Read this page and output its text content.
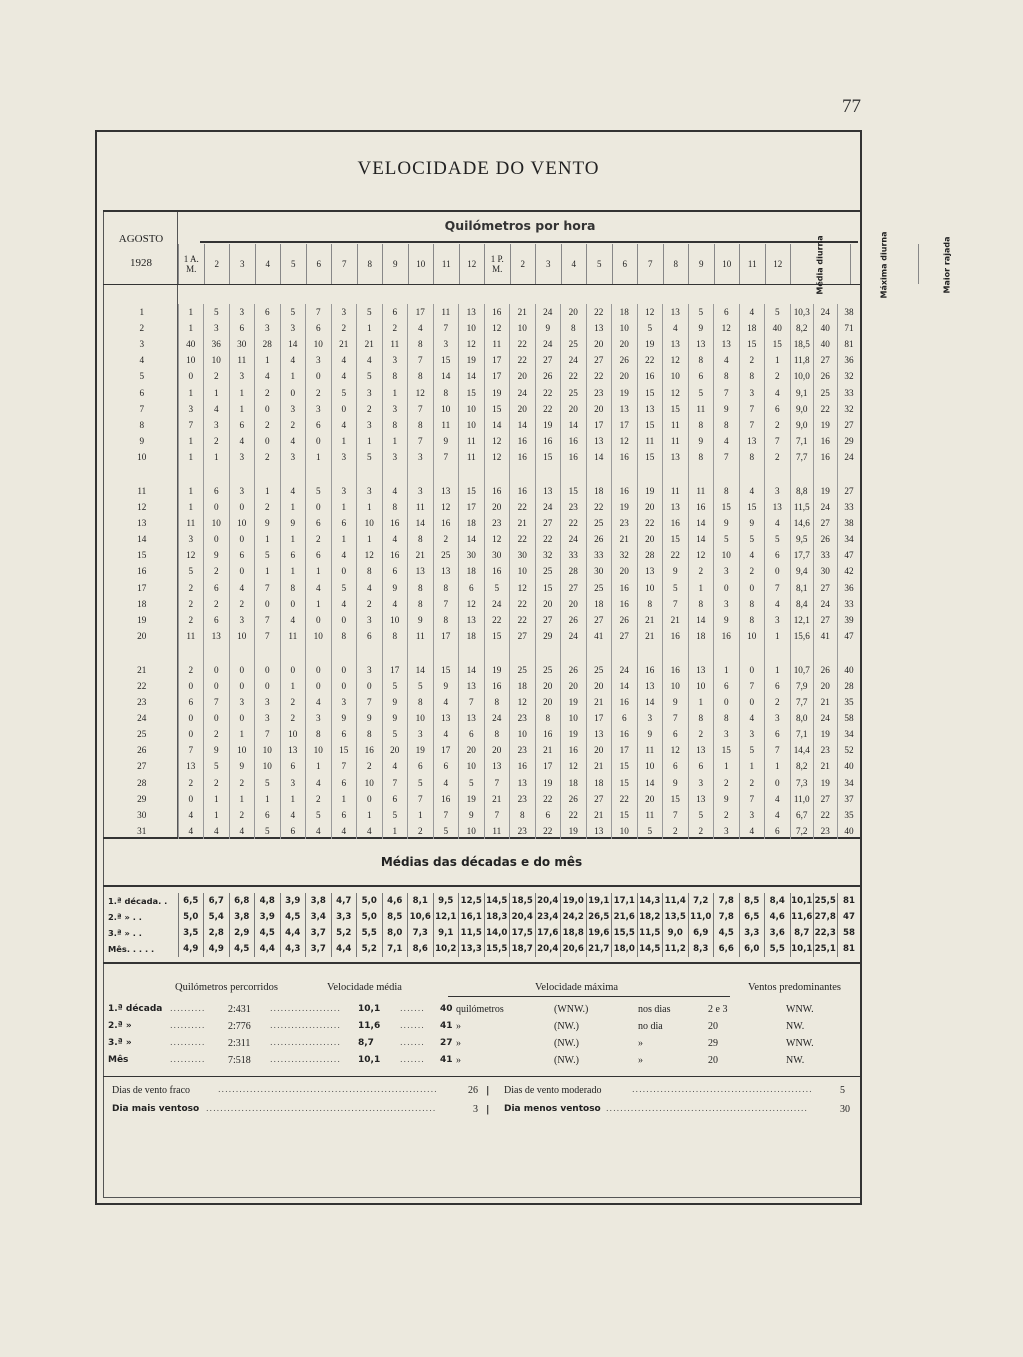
77
VELOCIDADE DO VENTO
AGOSTO
1928
Quilómetros por hora
1 A. M.	2	3	4	5	6	7	8	9	10	11	12	1 P. M.	2	3	4	5	6	7	8	9	10	11	12	Média diurna	Máxima diurna	Maior rajada
1	1	5	3	6	5	7	3	5	6	17	11	13	16	21	24	20	22	18	12	13	5	6	4	5	10,3	24	38
2	1	3	6	3	3	6	2	1	2	4	7	10	12	10	9	8	13	10	5	4	9	12	18	40	8,2	40	71
3	40	36	30	28	14	10	21	21	11	8	3	12	11	22	24	25	20	20	19	13	13	13	15	15	18,5	40	81
4	10	10	11	1	4	3	4	4	3	7	15	19	17	22	27	24	27	26	22	12	8	4	2	1	11,8	27	36
5	0	2	3	4	1	0	4	5	8	8	14	14	17	20	26	22	22	20	16	10	6	8	8	2	10,0	26	32
6	1	1	1	2	0	2	5	3	1	12	8	15	19	24	22	25	23	19	15	12	5	7	3	4	9,1	25	33
7	3	4	1	0	3	3	0	2	3	7	10	10	15	20	22	20	20	13	13	15	11	9	7	6	9,0	22	32
8	7	3	6	2	2	6	4	3	8	8	11	10	14	14	19	14	17	17	15	11	8	8	7	2	9,0	19	27
9	1	2	4	0	4	0	1	1	1	7	9	11	12	16	16	16	13	12	11	11	9	4	13	7	7,1	16	29
10	1	1	3	2	3	1	3	5	3	3	7	11	12	16	15	16	14	16	15	13	8	7	8	2	7,7	16	24

11	1	6	3	1	4	5	3	3	4	3	13	15	16	16	13	15	18	16	19	11	11	8	4	3	8,8	19	27
12	1	0	0	2	1	0	1	1	8	11	12	17	20	22	24	23	22	19	20	13	16	15	15	13	11,5	24	33
13	11	10	10	9	9	6	6	10	16	14	16	18	23	21	27	22	25	23	22	16	14	9	9	4	14,6	27	38
14	3	0	0	1	1	2	1	1	4	8	2	14	12	22	22	24	26	21	20	15	14	5	5	5	9,5	26	34
15	12	9	6	5	6	6	4	12	16	21	25	30	30	30	32	33	33	32	28	22	12	10	4	6	17,7	33	47
16	5	2	0	1	1	1	0	8	6	13	13	18	16	10	25	28	30	20	13	9	2	3	2	0	9,4	30	42
17	2	6	4	7	8	4	5	4	9	8	8	6	5	12	15	27	25	16	10	5	1	0	0	7	8,1	27	36
18	2	2	2	0	0	1	4	2	4	8	7	12	24	22	20	20	18	16	8	7	8	3	8	4	8,4	24	33
19	2	6	3	7	4	0	0	3	10	9	8	13	22	22	27	26	27	26	21	21	14	9	8	3	12,1	27	39
20	11	13	10	7	11	10	8	6	8	11	17	18	15	27	29	24	41	27	21	16	18	16	10	1	15,6	41	47

21	2	0	0	0	0	0	0	3	17	14	15	14	19	25	25	26	25	24	16	16	13	1	0	1	10,7	26	40
22	0	0	0	0	1	0	0	0	5	5	9	13	16	18	20	20	20	14	13	10	10	6	7	6	7,9	20	28
23	6	7	3	3	2	4	3	7	9	8	4	7	8	12	20	19	21	16	14	9	1	0	0	2	7,7	21	35
24	0	0	0	3	2	3	9	9	9	10	13	13	24	23	8	10	17	6	3	7	8	8	4	3	8,0	24	58
25	0	2	1	7	10	8	6	8	5	3	4	6	8	10	16	19	13	16	9	6	2	3	3	6	7,1	19	34
26	7	9	10	10	13	10	15	16	20	19	17	20	20	23	21	16	20	17	11	12	13	15	5	7	14,4	23	52
27	13	5	9	10	6	1	7	2	4	6	6	10	13	16	17	12	21	15	10	6	6	1	1	1	8,2	21	40
28	2	2	2	5	3	4	6	10	7	5	4	5	7	13	19	18	18	15	14	9	3	2	2	0	7,3	19	34
29	0	1	1	1	1	2	1	0	6	7	16	19	21	23	22	26	27	22	20	15	13	9	7	4	11,0	27	37
30	4	1	2	6	4	5	6	1	5	1	7	9	7	8	6	22	21	15	11	7	5	2	3	4	6,7	22	35
31	4	4	4	5	6	4	4	4	1	2	5	10	11	23	22	19	13	10	5	2	2	3	4	6	7,2	23	40
Médias das décadas e do mês
1.ª década. .	6,5	6,7	6,8	4,8	3,9	3,8	4,7	5,0	4,6	8,1	9,5	12,5	14,5	18,5	20,4	19,0	19,1	17,1	14,3	11,4	7,2	7,8	8,5	8,4	10,1	25,5	81
2.ª » . .	5,0	5,4	3,8	3,9	4,5	3,4	3,3	5,0	8,5	10,6	12,1	16,1	18,3	20,4	23,4	24,2	26,5	21,6	18,2	13,5	11,0	7,8	6,5	4,6	11,6	27,8	47
3.ª » . .	3,5	2,8	2,9	4,5	4,4	3,7	5,2	5,5	8,0	7,3	9,1	11,5	14,0	17,5	17,6	18,8	19,6	15,5	11,5	9,0	6,9	4,5	3,3	3,6	8,7	22,3	58
Mês. . . . .	4,9	4,9	4,5	4,4	4,3	3,7	4,4	5,2	7,1	8,6	10,2	13,3	15,5	18,7	20,4	20,6	21,7	18,0	14,5	11,2	8,3	6,6	6,0	5,5	10,1	25,1	81
Quilómetros percorridos	Velocidade média	Velocidade máxima	Ventos predominantes
..........	....................	.......
1.ª década	2:431	10,1	40 quilómetros	(WNW.)	nos dias	2 e 3	WNW.
..........	....................	.......
2.ª »	2:776	11,6	41 »	(NW.)	no dia	20	NW.
..........	....................	.......
3.ª »	2:311	8,7	27 »	(NW.)	»	29	WNW.
..........	....................	.......
Mês	7:518	10,1	41 »	(NW.)	»	20	NW.
Dias de vento fraco	..............................................................	26 | Dias de vento moderado	...................................................	5
Dia mais ventoso .................................................................	3 | Dia menos ventoso .........................................................	30
